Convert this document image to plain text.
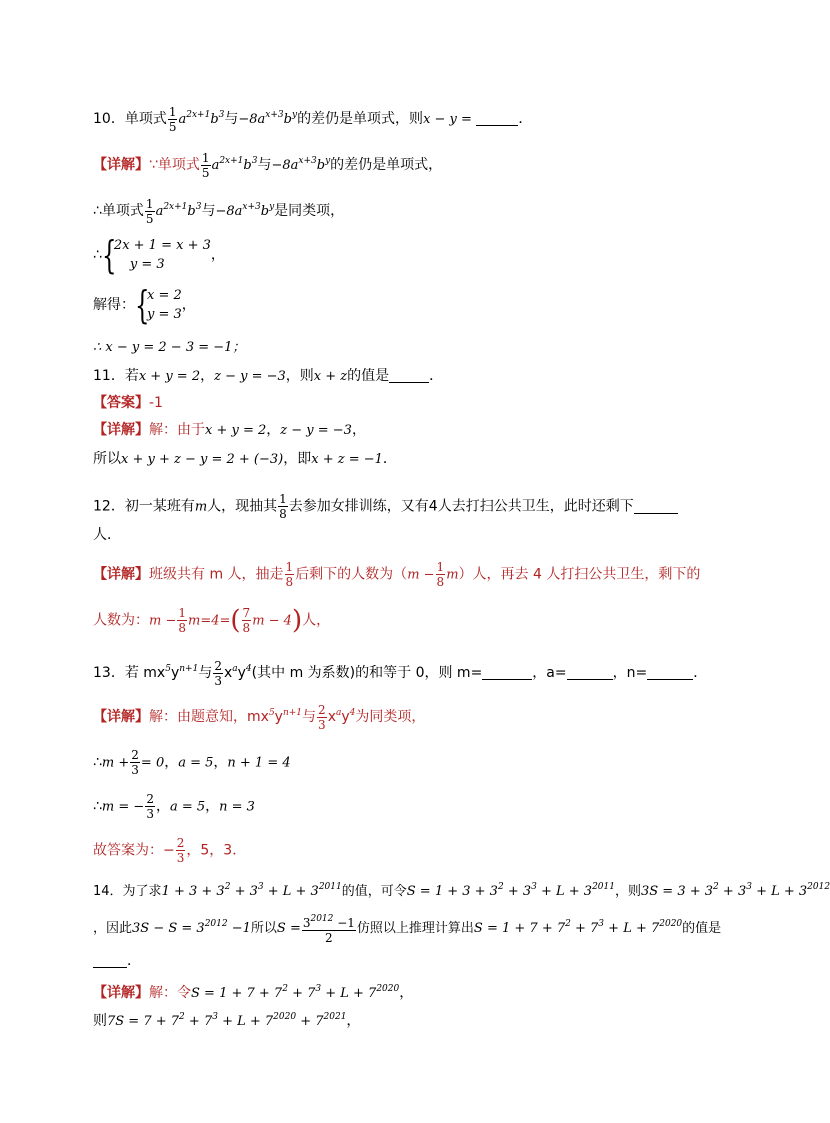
10．单项式 $\frac{1}{5} a^{2x+1}b^3$与$-8a^{x+3}b^y$的差仍是单项式，则x − y =	．
【详解】∵单项式 $\frac{1}{5} a^{2x+1}b^3$与$-8a^{x+3}b^y$的差仍是单项式，
∴单项式 $\frac{1}{5} a^{2x+1}b^3$与$-8a^{x+3}b^y$是同类项，
∴ {
2x + 1 = x + 3
y = 3
，
解得： {
x = 2
y = 3
，
∴ x − y = 2 − 3 = −1；
11．若x + y = 2，z − y = −3，则x + z的值是	．
【答案】-1
【详解】解：由于x + y = 2，z − y = −3，
所以x + y + z − y = 2 + (−3)，即x + z = −1．
12．初一某班有m人，现抽其 $\frac{1}{8}$ 去参加女排训练，又有4人去打扫公共卫生，此时还剩下
人．
【详解】班级共有 m 人，抽走 $\frac{1}{8}$ 后剩下的人数为$(m - \frac{1}{8} m)$人，再去 4 人打扫公共卫生，剩下的
人数为：$m - \frac{1}{8} m=4=( \frac{7}{8}$ m − 4)人，
13．若 $mx^5y^{n+1}$与 $\frac{2}{3} x^ay^4$(其中 m 为系数)的和等于 0，则 m=	，a=	，n=	．
【详解】解：由题意知，$mx^5y^{n+1}$与 $\frac{2}{3} x^ay^4$为同类项，
∴m + $\frac{2}{3} = 0$，a = 5，n + 1 = 4
∴m = − $\frac{2}{3}$ ，a = 5，n = 3
故答案为：− $\frac{2}{3}$ ，5，3．
14．为了求$1 + 3 + 3^2 + 3^3 + L + 3^{2011}$的值，可令$S = 1 + 3 + 3^2 + 3^3 + L + 3^{2011}$，则$3S = 3 + 3^2 + 3^3 + L + 3^{2012}$
，因此$3S - S = 3^{2012} -1$所以$S = \frac{3^{2012} -1}{2}$ 仿照以上推理计算出$S = 1 + 7 + 7^2 + 7^3 + L + 7^{2020}$的值是
．
【详解】解：令$S = 1 + 7 + 7^2 + 7^3 + L + 7^{2020}$，
则$7S = 7 + 7^2 + 7^3 + L + 7^{2020} + 7^{2021}$，
